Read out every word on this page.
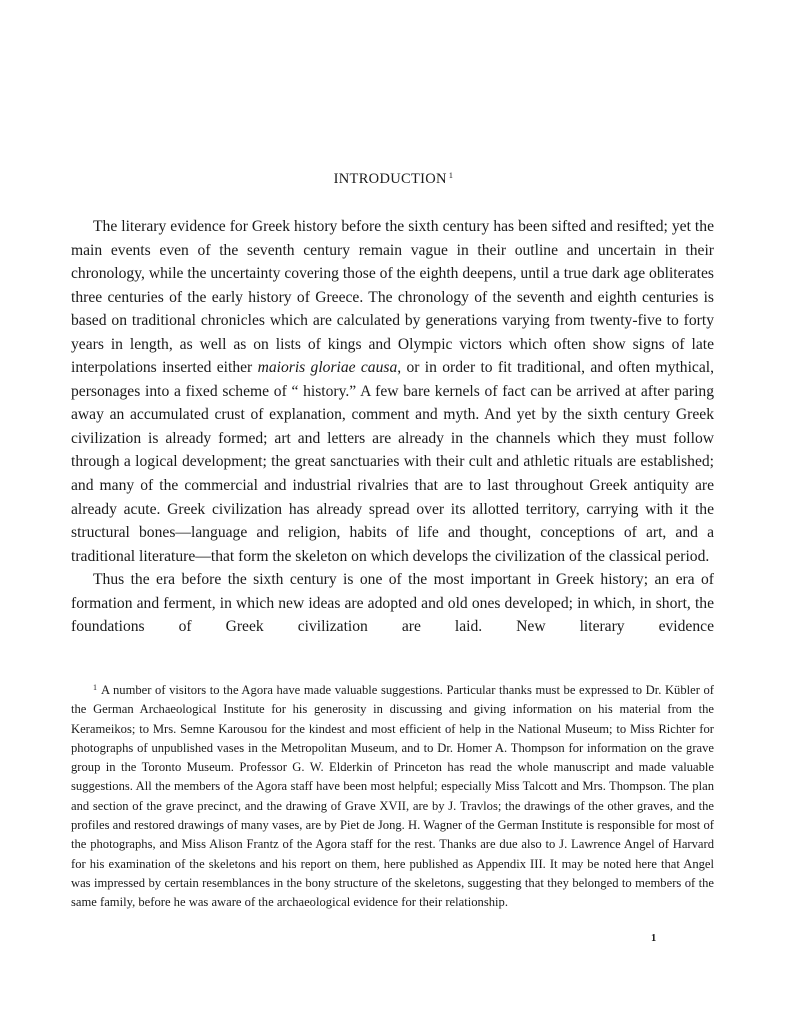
INTRODUCTION $^1$

The literary evidence for Greek history before the sixth century has been sifted and resifted; yet the main events even of the seventh century remain vague in their outline and uncertain in their chronology, while the uncertainty covering those of the eighth deepens, until a true dark age obliterates three centuries of the early history of Greece. The chronology of the seventh and eighth centuries is based on traditional chronicles which are calculated by generations varying from twenty-five to forty years in length, as well as on lists of kings and Olympic victors which often show signs of late interpolations inserted either maioris gloriae causa, or in order to fit traditional, and often mythical, personages into a fixed scheme of “ history.” A few bare kernels of fact can be arrived at after paring away an accumulated crust of explanation, comment and myth. And yet by the sixth century Greek civilization is already formed; art and letters are already in the channels which they must follow through a logical development; the great sanctuaries with their cult and athletic rituals are established; and many of the commercial and industrial rivalries that are to last throughout Greek antiquity are already acute. Greek civilization has already spread over its allotted territory, carrying with it the structural bones—language and religion, habits of life and thought, conceptions of art, and a traditional literature—that form the skeleton on which develops the civilization of the classical period.

Thus the era before the sixth century is one of the most important in Greek history; an era of formation and ferment, in which new ideas are adopted and old ones developed; in which, in short, the foundations of Greek civilization are laid. New literary evidence

$^1$ A number of visitors to the Agora have made valuable suggestions. Particular thanks must be expressed to Dr. Kübler of the German Archaeological Institute for his generosity in discussing and giving information on his material from the Kerameikos; to Mrs. Semne Karousou for the kindest and most efficient of help in the National Museum; to Miss Richter for photographs of unpublished vases in the Metropolitan Museum, and to Dr. Homer A. Thompson for information on the grave group in the Toronto Museum. Professor G. W. Elderkin of Princeton has read the whole manuscript and made valuable suggestions. All the members of the Agora staff have been most helpful; especially Miss Talcott and Mrs. Thompson. The plan and section of the grave precinct, and the drawing of Grave XVII, are by J. Travlos; the drawings of the other graves, and the profiles and restored drawings of many vases, are by Piet de Jong. H. Wagner of the German Institute is responsible for most of the photographs, and Miss Alison Frantz of the Agora staff for the rest. Thanks are due also to J. Lawrence Angel of Harvard for his examination of the skeletons and his report on them, here published as Appendix III. It may be noted here that Angel was impressed by certain resemblances in the bony structure of the skeletons, suggesting that they belonged to members of the same family, before he was aware of the archaeological evidence for their relationship.

1
